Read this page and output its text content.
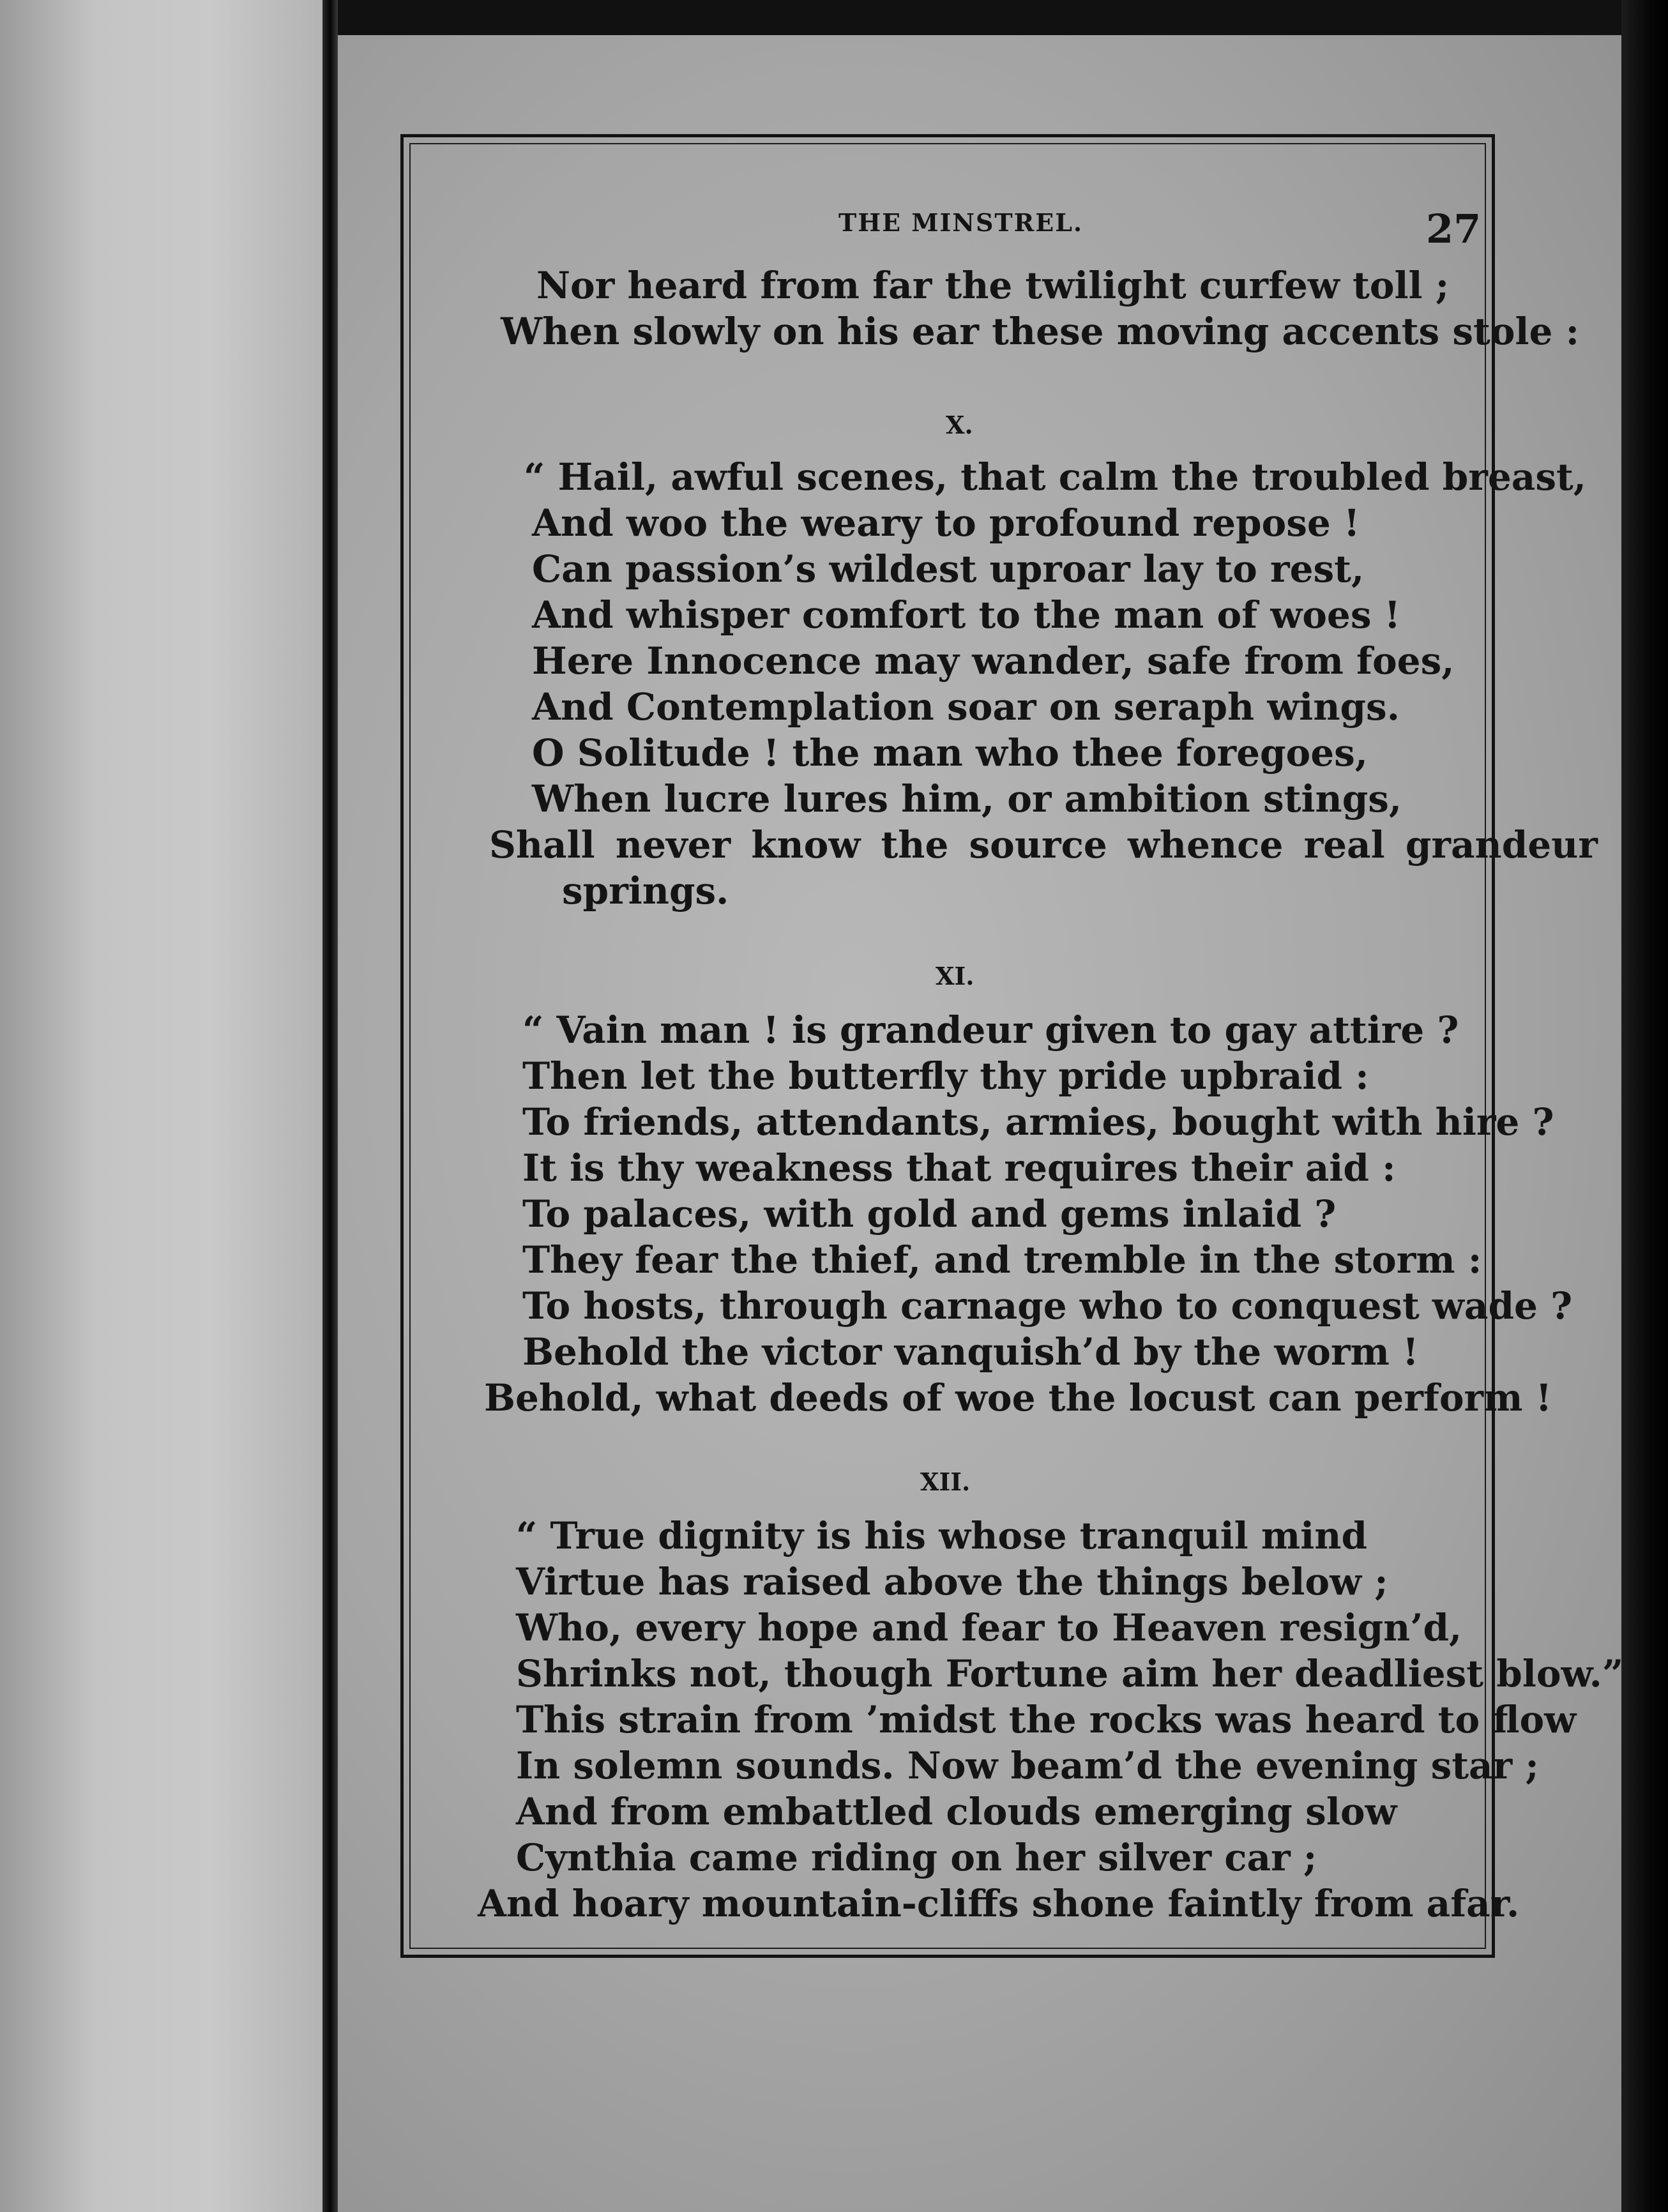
THE MINSTREL.	27

Nor heard from far the twilight curfew toll ;

When slowly on his ear these moving accents stole :

X.

“ Hail, awful scenes, that calm the troubled breast,

And woo the weary to profound repose !

Can passion’s wildest uproar lay to rest,

And whisper comfort to the man of woes !

Here Innocence may wander, safe from foes,

And Contemplation soar on seraph wings.

O Solitude ! the man who thee foregoes,

When lucre lures him, or ambition stings,

Shall never know the source whence real grandeur

springs.

XI.

“ Vain man ! is grandeur given to gay attire ?

Then let the butterfly thy pride upbraid :

To friends, attendants, armies, bought with hire ?

It is thy weakness that requires their aid :

To palaces, with gold and gems inlaid ?

They fear the thief, and tremble in the storm :

To hosts, through carnage who to conquest wade ?

Behold the victor vanquish’d by the worm !

Behold, what deeds of woe the locust can perform !

XII.

“ True dignity is his whose tranquil mind

Virtue has raised above the things below ;

Who, every hope and fear to Heaven resign’d,

Shrinks not, though Fortune aim her deadliest blow.”

This strain from ’midst the rocks was heard to flow

In solemn sounds. Now beam’d the evening star ;

And from embattled clouds emerging slow

Cynthia came riding on her silver car ;

And hoary mountain-cliffs shone faintly from afar.
